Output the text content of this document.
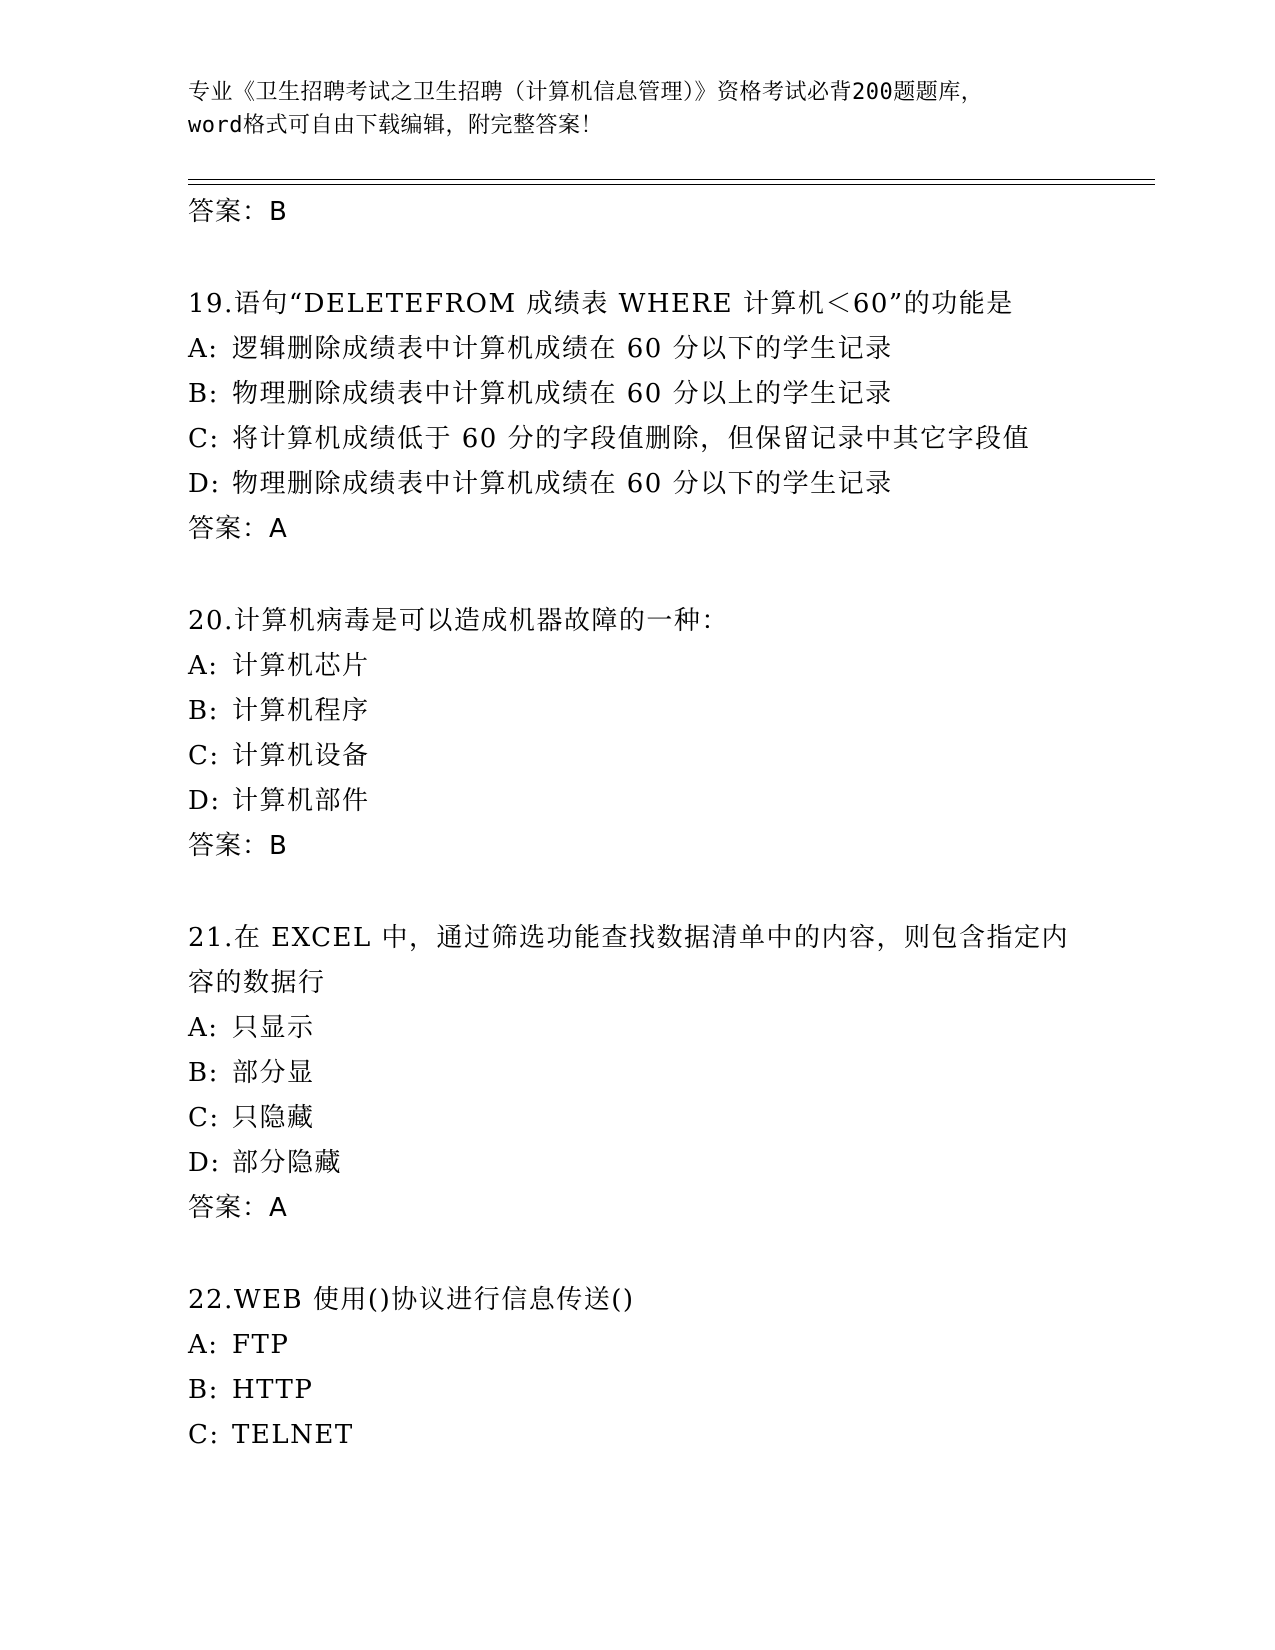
专业《卫生招聘考试之卫生招聘（计算机信息管理）》资格考试必背200题题库，
word格式可自由下载编辑，附完整答案！
答案：B
19.语句“DELETEFROM 成绩表 WHERE 计算机＜60”的功能是
A: 逻辑删除成绩表中计算机成绩在 60 分以下的学生记录
B: 物理删除成绩表中计算机成绩在 60 分以上的学生记录
C: 将计算机成绩低于 60 分的字段值删除，但保留记录中其它字段值
D: 物理删除成绩表中计算机成绩在 60 分以下的学生记录
答案：A
20.计算机病毒是可以造成机器故障的一种：
A: 计算机芯片
B: 计算机程序
C: 计算机设备
D: 计算机部件
答案：B
21.在 EXCEL 中，通过筛选功能查找数据清单中的内容，则包含指定内容的数据行
A: 只显示
B: 部分显
C: 只隐藏
D: 部分隐藏
答案：A
22.WEB 使用()协议进行信息传送()
A: FTP
B: HTTP
C: TELNET
